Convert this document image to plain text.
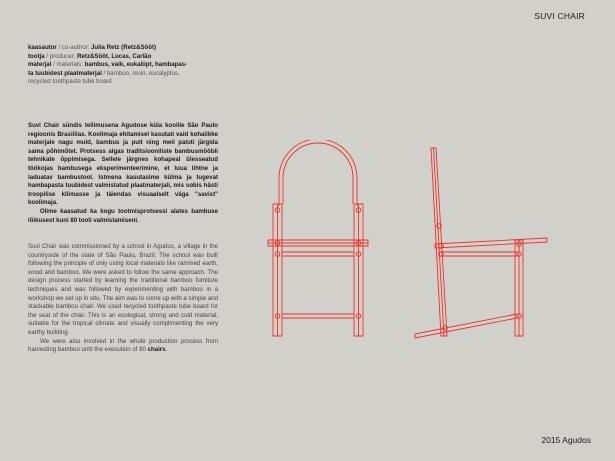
SUVI CHAIR
kaasautor / co-author: Julia Retz (Retz&Sööt)
tootja / producer: Retz&Sööt, Lucas, Carlão
materjal / materials: bambus, vaik, eukalüpt, hambapas-
ta tuubidest plaatmaterjal / bamboo, resin, eucalyptus,
recycled toothpaste tube board

Suvi Chair sündis tellimusena Agudose küla koolile São Paulo regioonis Brasiilias. Koolimaja ehitamisel kasutati vaid kohalikke materjale nagu muld, bambus ja puit ning meil paluti järgida sama põhimõtet. Protsess algas traditsiooniliste bambusmööbli tehnikate õppimisega. Sellele järgnes kohapeal ülesseatud töökojas bambusega eksperimenteerimine, et luua lihtne ja laduatav bambustool. Istmena kasutasime külma ja tugevat hambapasta tuubidest valmistatud plaatmaterjali, mis sobis hästi troopilise kliimasse ja täiendas visuaalselt väga "savist" koolimaja.

Olime kaasatud ka kogu tootmisprotsessi alates bambuse lõikusest kuni 80 tooli valmistamiseni.

Suvi Chair was commissioned by a school in Agudos, a village in the countryside of the state of São Paulo, Brazil. The school was built following the principle of only using local materials like rammed earth, wood and bamboo. We were asked to follow the same approach. The design process started by learning the traditional bamboo furniture techniques and was followed by experimenting with bamboo in a workshop we set up in situ. The aim was to come up with a simple and stackable bamboo chair. We used recycled toothpaste tube board for the seat of the chair. This is an ecological, strong and cold material, suitable for the tropical climate and visually complimenting the very earthy building.

We were also involved in the whole production process from harvesting bamboo until the execution of 80 chairs.

2015 Agudos
